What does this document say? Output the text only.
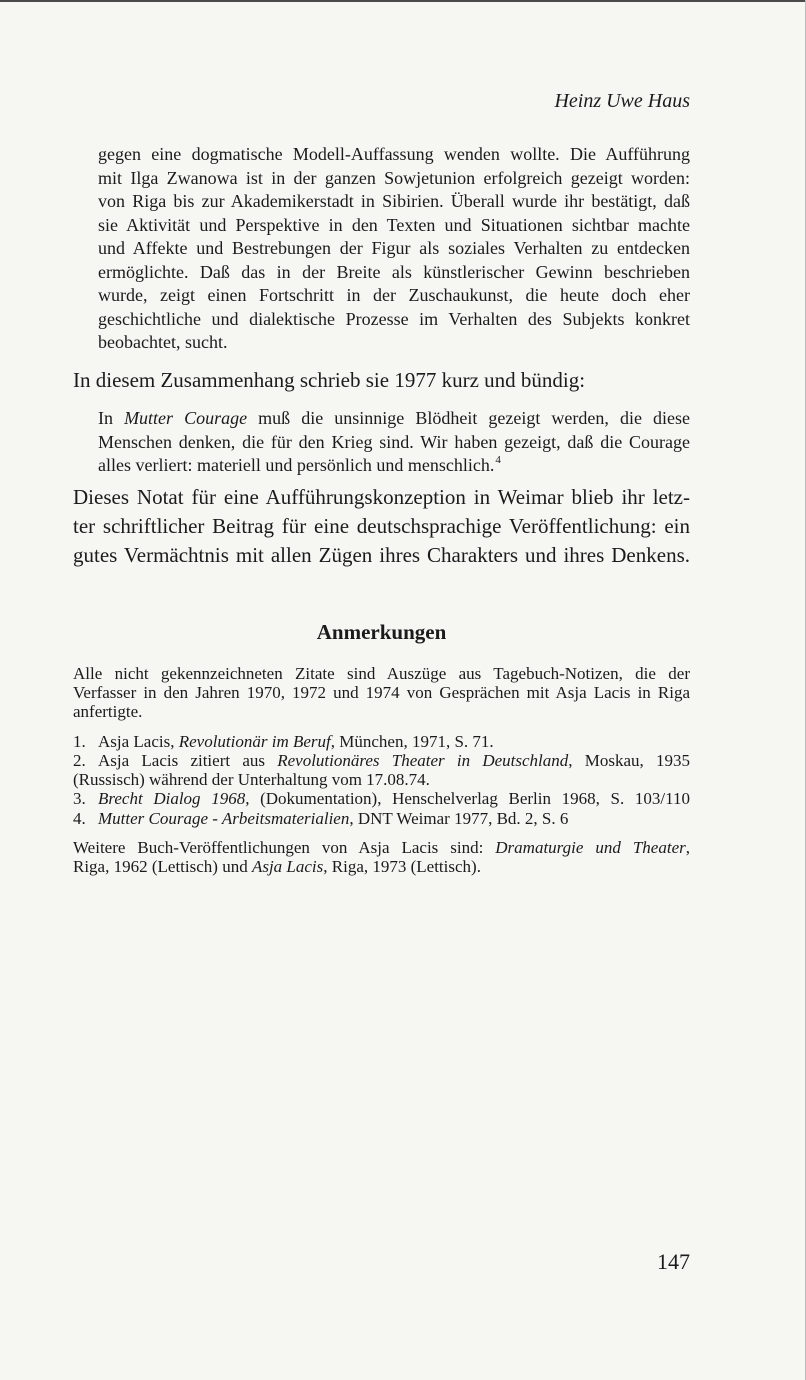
Heinz Uwe Haus
gegen eine dogmatische Modell-Auffassung wenden wollte. Die Aufführung
mit Ilga Zwanowa ist in der ganzen Sowjetunion erfolgreich gezeigt worden:
von Riga bis zur Akademikerstadt in Sibirien. Überall wurde ihr bestätigt, daß
sie Aktivität und Perspektive in den Texten und Situationen sichtbar machte
und Affekte und Bestrebungen der Figur als soziales Verhalten zu entdecken
ermöglichte. Daß das in der Breite als künstlerischer Gewinn beschrieben
wurde, zeigt einen Fortschritt in der Zuschaukunst, die heute doch eher
geschichtliche und dialektische Prozesse im Verhalten des Subjekts konkret
beobachtet, sucht.
In diesem Zusammenhang schrieb sie 1977 kurz und bündig:
In Mutter Courage muß die unsinnige Blödheit gezeigt werden, die diese
Menschen denken, die für den Krieg sind. Wir haben gezeigt, daß die Courage
alles verliert: materiell und persönlich und menschlich.$^4$
Dieses Notat für eine Aufführungskonzeption in Weimar blieb ihr letz-
ter schriftlicher Beitrag für eine deutschsprachige Veröffentlichung: ein
gutes Vermächtnis mit allen Zügen ihres Charakters und ihres Denkens.
Anmerkungen
Alle nicht gekennzeichneten Zitate sind Auszüge aus Tagebuch-Notizen, die der
Verfasser in den Jahren 1970, 1972 und 1974 von Gesprächen mit Asja Lacis in Riga
anfertigte.
1. Asja Lacis, Revolutionär im Beruf, München, 1971, S. 71.
2. Asja Lacis zitiert aus Revolutionäres Theater in Deutschland, Moskau, 1935
(Russisch) während der Unterhaltung vom 17.08.74.
3. Brecht Dialog 1968, (Dokumentation), Henschelverlag Berlin 1968, S. 103/110
4. Mutter Courage - Arbeitsmaterialien, DNT Weimar 1977, Bd. 2, S. 6
Weitere Buch-Veröffentlichungen von Asja Lacis sind: Dramaturgie und Theater,
Riga, 1962 (Lettisch) und Asja Lacis, Riga, 1973 (Lettisch).
147
